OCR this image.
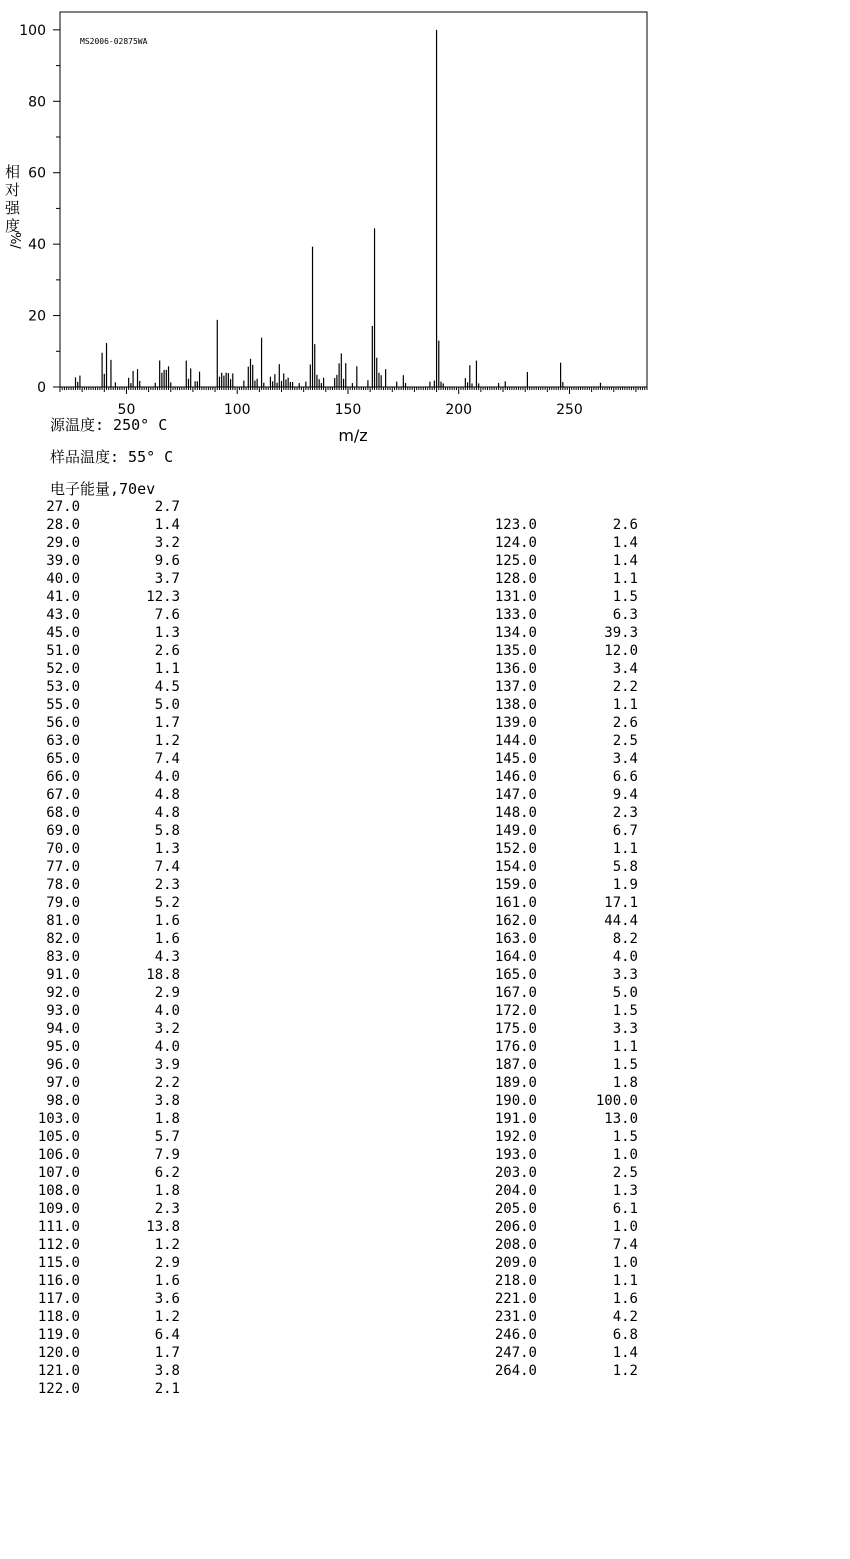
50	100	150	200	250
0
20
40
60
80
100
MS2006-02875WA
m/z
相
对
强
度
%/
源温度: 250° C
样品温度: 55° C
电子能量,70ev
27.0	2.7
28.0	1.4
29.0	3.2
39.0	9.6
40.0	3.7
41.0	12.3
43.0	7.6
45.0	1.3
51.0	2.6
52.0	1.1
53.0	4.5
55.0	5.0
56.0	1.7
63.0	1.2
65.0	7.4
66.0	4.0
67.0	4.8
68.0	4.8
69.0	5.8
70.0	1.3
77.0	7.4
78.0	2.3
79.0	5.2
81.0	1.6
82.0	1.6
83.0	4.3
91.0	18.8
92.0	2.9
93.0	4.0
94.0	3.2
95.0	4.0
96.0	3.9
97.0	2.2
98.0	3.8
103.0	1.8
105.0	5.7
106.0	7.9
107.0	6.2
108.0	1.8
109.0	2.3
111.0	13.8
112.0	1.2
115.0	2.9
116.0	1.6
117.0	3.6
118.0	1.2
119.0	6.4
120.0	1.7
121.0	3.8
122.0	2.1
123.0	2.6
124.0	1.4
125.0	1.4
128.0	1.1
131.0	1.5
133.0	6.3
134.0	39.3
135.0	12.0
136.0	3.4
137.0	2.2
138.0	1.1
139.0	2.6
144.0	2.5
145.0	3.4
146.0	6.6
147.0	9.4
148.0	2.3
149.0	6.7
152.0	1.1
154.0	5.8
159.0	1.9
161.0	17.1
162.0	44.4
163.0	8.2
164.0	4.0
165.0	3.3
167.0	5.0
172.0	1.5
175.0	3.3
176.0	1.1
187.0	1.5
189.0	1.8
190.0	100.0
191.0	13.0
192.0	1.5
193.0	1.0
203.0	2.5
204.0	1.3
205.0	6.1
206.0	1.0
208.0	7.4
209.0	1.0
218.0	1.1
221.0	1.6
231.0	4.2
246.0	6.8
247.0	1.4
264.0	1.2
